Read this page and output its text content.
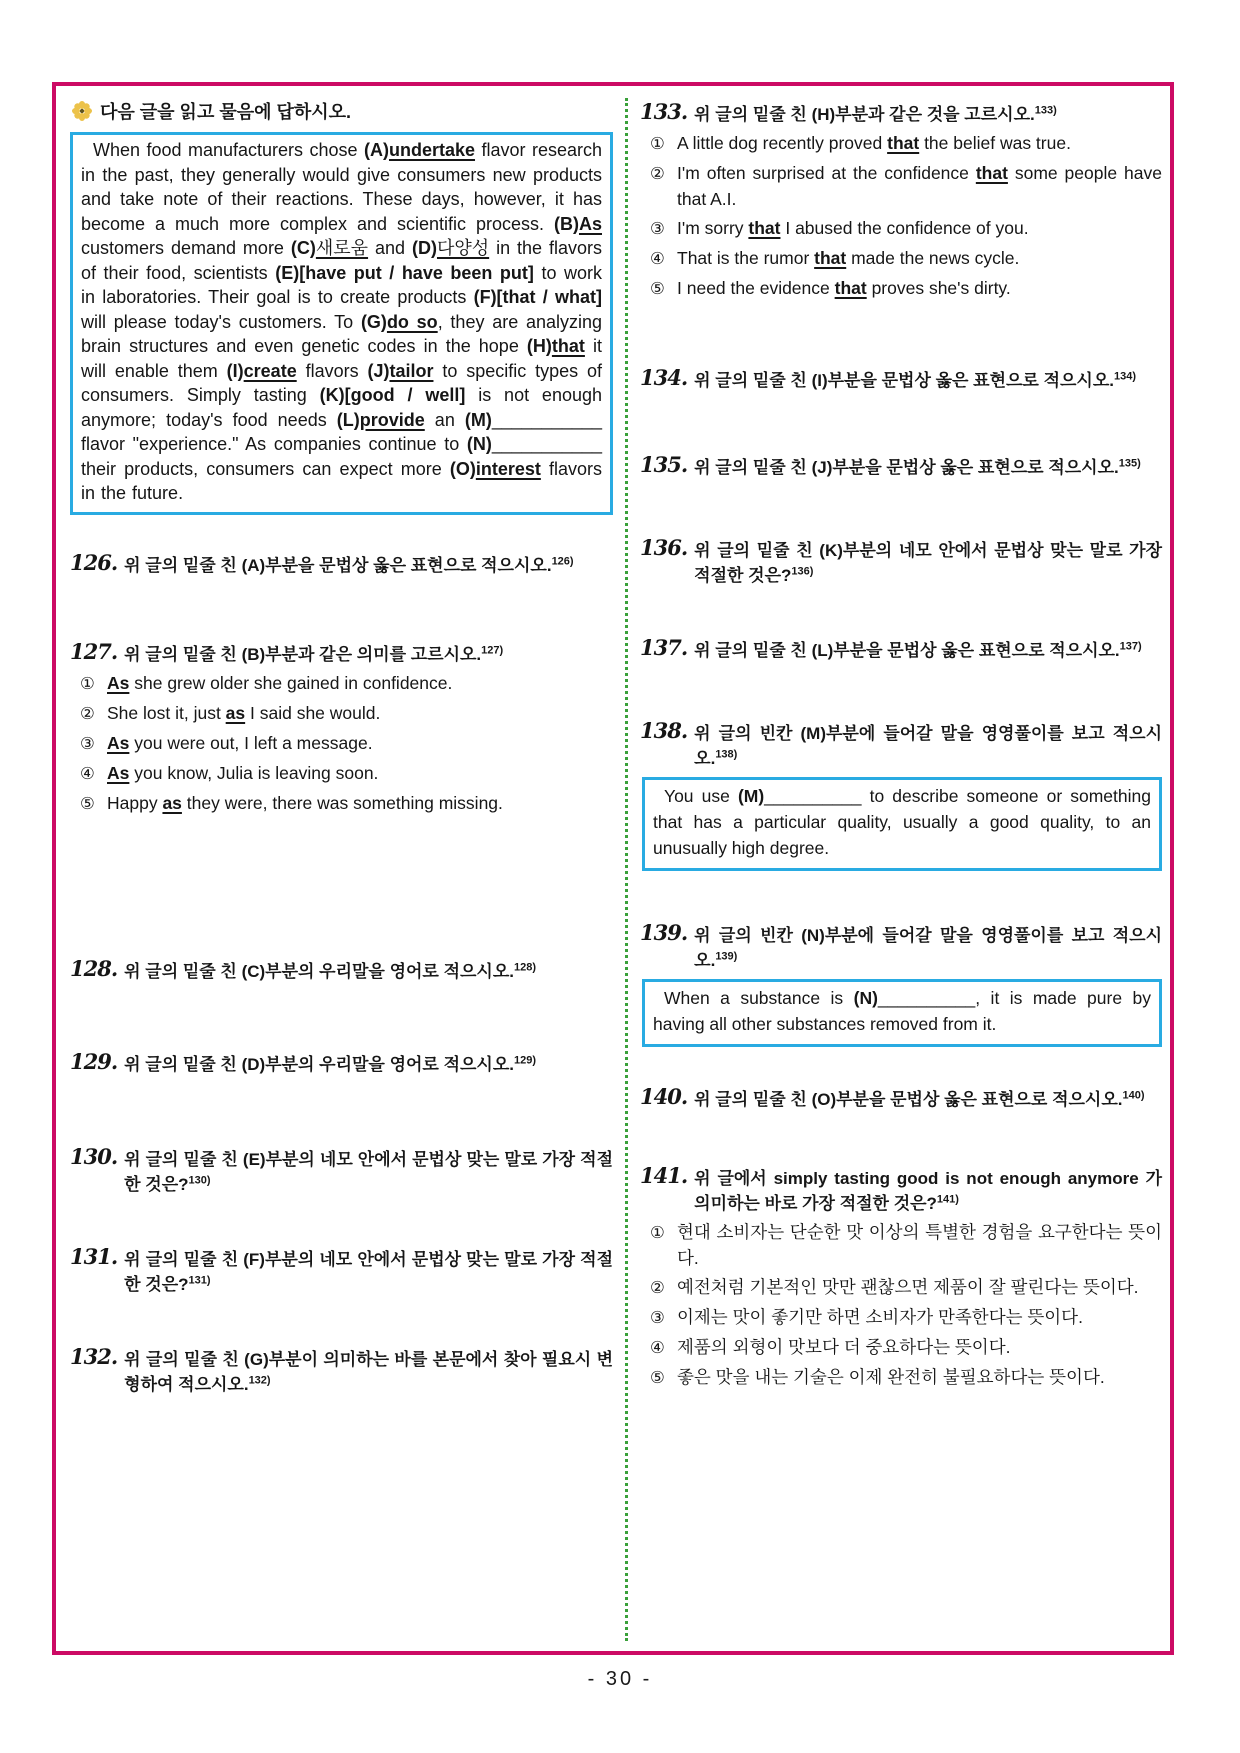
다음 글을 읽고 물음에 답하시오.
When food manufacturers chose (A)undertake flavor research in the past, they generally would give consumers new products and take note of their reactions. These days, however, it has become a much more complex and scientific process. (B)As customers demand more (C)새로움 and (D)다양성 in the flavors of their food, scientists (E)[have put / have been put] to work in laboratories. Their goal is to create products (F)[that / what] will please today's customers. To (G)do so, they are analyzing brain structures and even genetic codes in the hope (H)that it will enable them (I)create flavors (J)tailor to specific types of consumers. Simply tasting (K)[good / well] is not enough anymore; today's food needs (L)provide an (M)___________ flavor "experience." As companies continue to (N)___________ their products, consumers can expect more (O)interest flavors in the future.
126. 위 글의 밑줄 친 (A)부분을 문법상 옳은 표현으로 적으시오.$^{126)}$
127. 위 글의 밑줄 친 (B)부분과 같은 의미를 고르시오.$^{127)}$
① As she grew older she gained in confidence.
② She lost it, just as I said she would.
③ As you were out, I left a message.
④ As you know, Julia is leaving soon.
⑤ Happy as they were, there was something missing.
128. 위 글의 밑줄 친 (C)부분의 우리말을 영어로 적으시오.$^{128)}$
129. 위 글의 밑줄 친 (D)부분의 우리말을 영어로 적으시오.$^{129)}$
130. 위 글의 밑줄 친 (E)부분의 네모 안에서 문법상 맞는 말로 가장 적절한 것은?$^{130)}$
131. 위 글의 밑줄 친 (F)부분의 네모 안에서 문법상 맞는 말로 가장 적절한 것은?$^{131)}$
132. 위 글의 밑줄 친 (G)부분이 의미하는 바를 본문에서 찾아 필요시 변형하여 적으시오.$^{132)}$
133. 위 글의 밑줄 친 (H)부분과 같은 것을 고르시오.$^{133)}$
① A little dog recently proved that the belief was true.
② I'm often surprised at the confidence that some people have that A.I.
③ I'm sorry that I abused the confidence of you.
④ That is the rumor that made the news cycle.
⑤ I need the evidence that proves she's dirty.
134. 위 글의 밑줄 친 (I)부분을 문법상 옳은 표현으로 적으시오.$^{134)}$
135. 위 글의 밑줄 친 (J)부분을 문법상 옳은 표현으로 적으시오.$^{135)}$
136. 위 글의 밑줄 친 (K)부분의 네모 안에서 문법상 맞는 말로 가장 적절한 것은?$^{136)}$
137. 위 글의 밑줄 친 (L)부분을 문법상 옳은 표현으로 적으시오.$^{137)}$
138. 위 글의 빈칸 (M)부분에 들어갈 말을 영영풀이를 보고 적으시오.$^{138)}$
You use (M)__________ to describe someone or something that has a particular quality, usually a good quality, to an unusually high degree.
139. 위 글의 빈칸 (N)부분에 들어갈 말을 영영풀이를 보고 적으시오.$^{139)}$
When a substance is (N)__________, it is made pure by having all other substances removed from it.
140. 위 글의 밑줄 친 (O)부분을 문법상 옳은 표현으로 적으시오.$^{140)}$
141. 위 글에서 simply tasting good is not enough anymore 가 의미하는 바로 가장 적절한 것은?$^{141)}$
① 현대 소비자는 단순한 맛 이상의 특별한 경험을 요구한다는 뜻이다.
② 예전처럼 기본적인 맛만 괜찮으면 제품이 잘 팔린다는 뜻이다.
③ 이제는 맛이 좋기만 하면 소비자가 만족한다는 뜻이다.
④ 제품의 외형이 맛보다 더 중요하다는 뜻이다.
⑤ 좋은 맛을 내는 기술은 이제 완전히 불필요하다는 뜻이다.
- 30 -
